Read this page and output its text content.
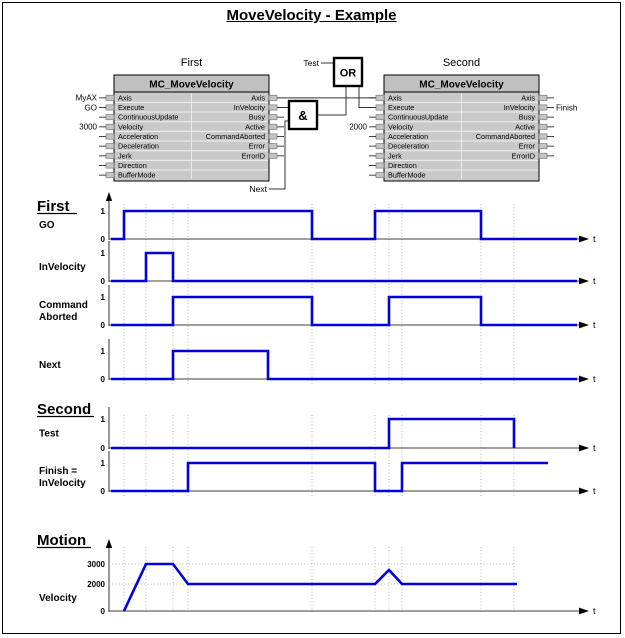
MoveVelocity - Example
First
MC_MoveVelocity
Axis	Axis
MyAX
Execute	InVelocity
GO
ContinuousUpdate	Busy
Velocity	Active
3000
Acceleration	CommandAborted
Deceleration	Error
Jerk	ErrorID
Direction
BufferMode
Second
MC_MoveVelocity
Axis	Axis
Execute	InVelocity	Finish
ContinuousUpdate	Busy
Velocity	Active
2000
Acceleration	CommandAborted
Deceleration	Error
Jerk	ErrorID
Direction
BufferMode
Next
Test
&
OR
First
t
1
0
GO
t
1
0
InVelocity
t
1
0
Command
Aborted
t
1
0
Next
Second
t
1
0
Test
t
1
0
Finish =
InVelocity
Motion
t
3000
2000
0
Velocity
